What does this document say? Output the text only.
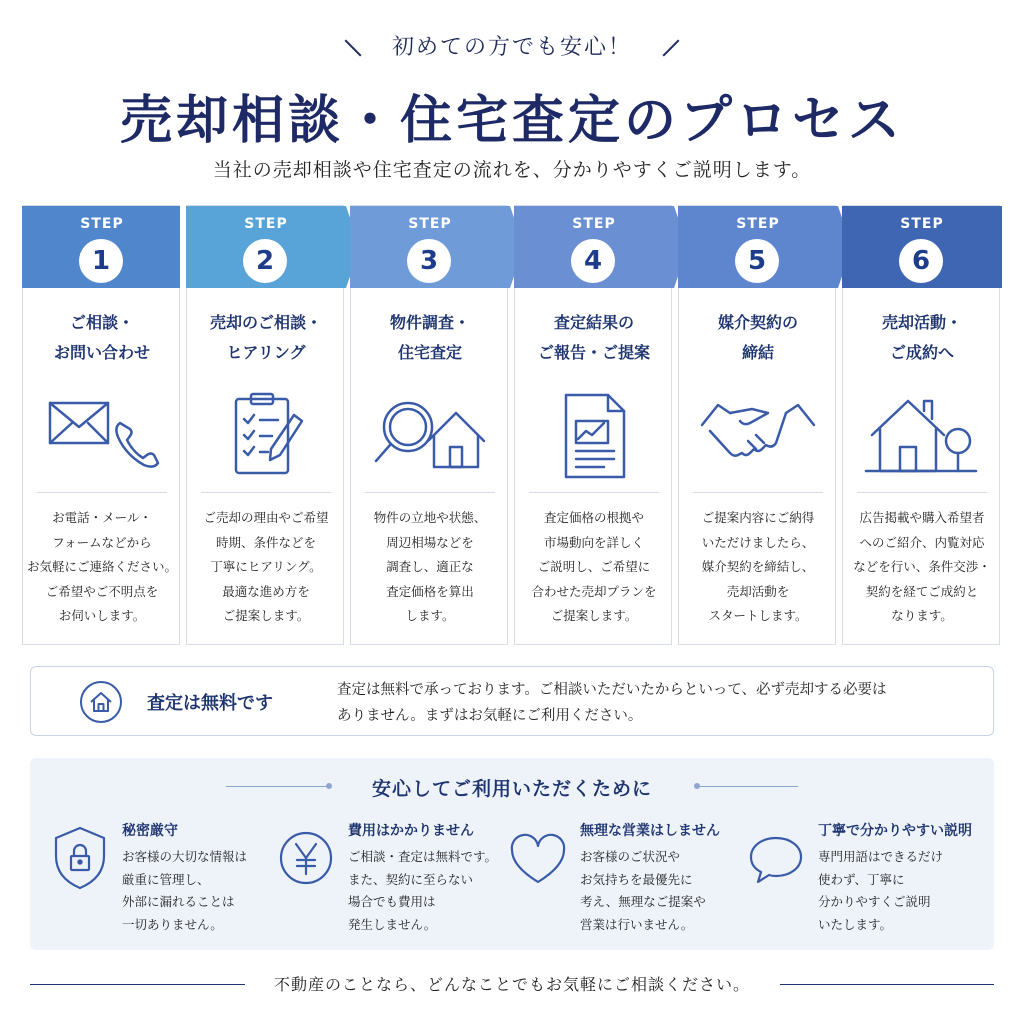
初めての方でも安心！
売却相談・住宅査定のプロセス
当社の売却相談や住宅査定の流れを、分かりやすくご説明します。
STEP
1
ご相談・
お問い合わせ
お電話・メール・
フォームなどから
お気軽にご連絡ください。
ご希望やご不明点を
お伺いします。
STEP
2
売却のご相談・
ヒアリング
ご売却の理由やご希望
時期、条件などを
丁寧にヒアリング。
最適な進め方を
ご提案します。
STEP
3
物件調査・
住宅査定
物件の立地や状態、
周辺相場などを
調査し、適正な
査定価格を算出
します。
STEP
4
査定結果の
ご報告・ご提案
査定価格の根拠や
市場動向を詳しく
ご説明し、ご希望に
合わせた売却プランを
ご提案します。
STEP
5
媒介契約の
締結
ご提案内容にご納得
いただけましたら、
媒介契約を締結し、
売却活動を
スタートします。
STEP
6
売却活動・
ご成約へ
広告掲載や購入希望者
へのご紹介、内覧対応
などを行い、条件交渉・
契約を経てご成約と
なります。
査定は無料です
査定は無料で承っております。ご相談いただいたからといって、必ず売却する必要は
ありません。まずはお気軽にご利用ください。
安心してご利用いただくために
秘密厳守
お客様の大切な情報は
厳重に管理し、
外部に漏れることは
一切ありません。
費用はかかりません
ご相談・査定は無料です。
また、契約に至らない
場合でも費用は
発生しません。
無理な営業はしません
お客様のご状況や
お気持ちを最優先に
考え、無理なご提案や
営業は行いません。
丁寧で分かりやすい説明
専門用語はできるだけ
使わず、丁寧に
分かりやすくご説明
いたします。
不動産のことなら、どんなことでもお気軽にご相談ください。
